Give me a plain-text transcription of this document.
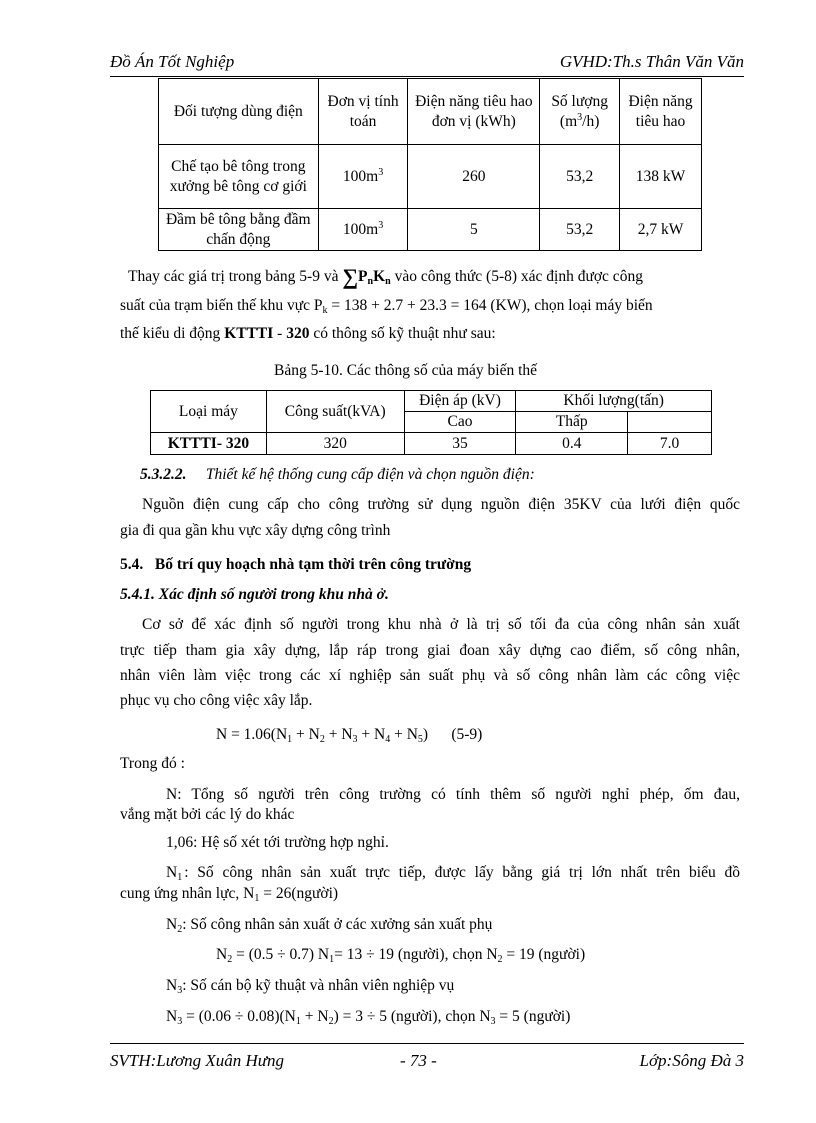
Đồ Án Tốt Nghiệp	GVHD:Th.s Thân Văn Văn
Đối tượng dùng điện	Đơn vị tính toán	Điện năng tiêu hao đơn vị (kWh)	Số lượng $(m^3/h)$	Điện năng tiêu hao
Chế tạo bê tông trong xưởng bê tông cơ giới	$100m^3$	260	53,2	138 kW
Đầm bê tông bằng đầm chấn động	$100m^3$	5	53,2	2,7 kW
Thay các giá trị trong bảng 5-9 và $\sum P_nK_n$ vào công thức (5-8) xác định được công
suất của trạm biến thế khu vực $P_k = 138 + 2.7 + 23.3 = 164$ (KW), chọn loại máy biến
thế kiểu di động KTTTI - 320 có thông số kỹ thuật như sau:
Bảng 5-10. Các thông số của máy biến thế
Loại máy	Công suất(kVA)	Điện áp (kV)	Khối lượng(tấn)	
		Cao	Thấp	
KTTTI- 320	320	35	0.4	7.0
5.3.2.2. Thiết kế hệ thống cung cấp điện và chọn nguồn điện:
Nguồn điện cung cấp cho công trường sử dụng nguồn điện 35KV của lưới điện quốc
gia đi qua gần khu vực xây dựng công trình
5.4. Bố trí quy hoạch nhà tạm thời trên công trường
5.4.1. Xác định số người trong khu nhà ở.
Cơ sở để xác định số người trong khu nhà ở là trị số tối đa của công nhân sản xuất
trực tiếp tham gia xây dựng, lắp ráp trong giai đoan xây dựng cao điểm, số công nhân,
nhân viên làm việc trong các xí nghiệp sản suất phụ và số công nhân làm các công việc
phục vụ cho công việc xây lắp.
$N = 1.06(N_1 + N_2 + N_3 + N_4 + N_5)$ (5-9)
Trong đó :
N: Tổng số người trên công trường có tính thêm số người nghỉ phép, ốm đau,
vắng mặt bởi các lý do khác
1,06: Hệ số xét tới trường hợp nghỉ.
$N_1$ : Số công nhân sản xuất trực tiếp, được lấy bằng giá trị lớn nhất trên biểu đồ
cung ứng nhân lực, $N_1$ = 26(người)
$N_2$: Số công nhân sản xuất ở các xưởng sản xuất phụ
$N_2 = (0.5 \div 0.7)$ $N_1= 13 \div 19$ (người), chọn $N_2 = 19$ (người)
$N_3$: Số cán bộ kỹ thuật và nhân viên nghiệp vụ
$N_3 = (0.06 \div 0.08)(N_1 + N_2) = 3 \div 5$ (người), chọn $N_3 = 5$ (người)
SVTH:Lương Xuân Hưng	- 73 -	Lớp:Sông Đà 3
